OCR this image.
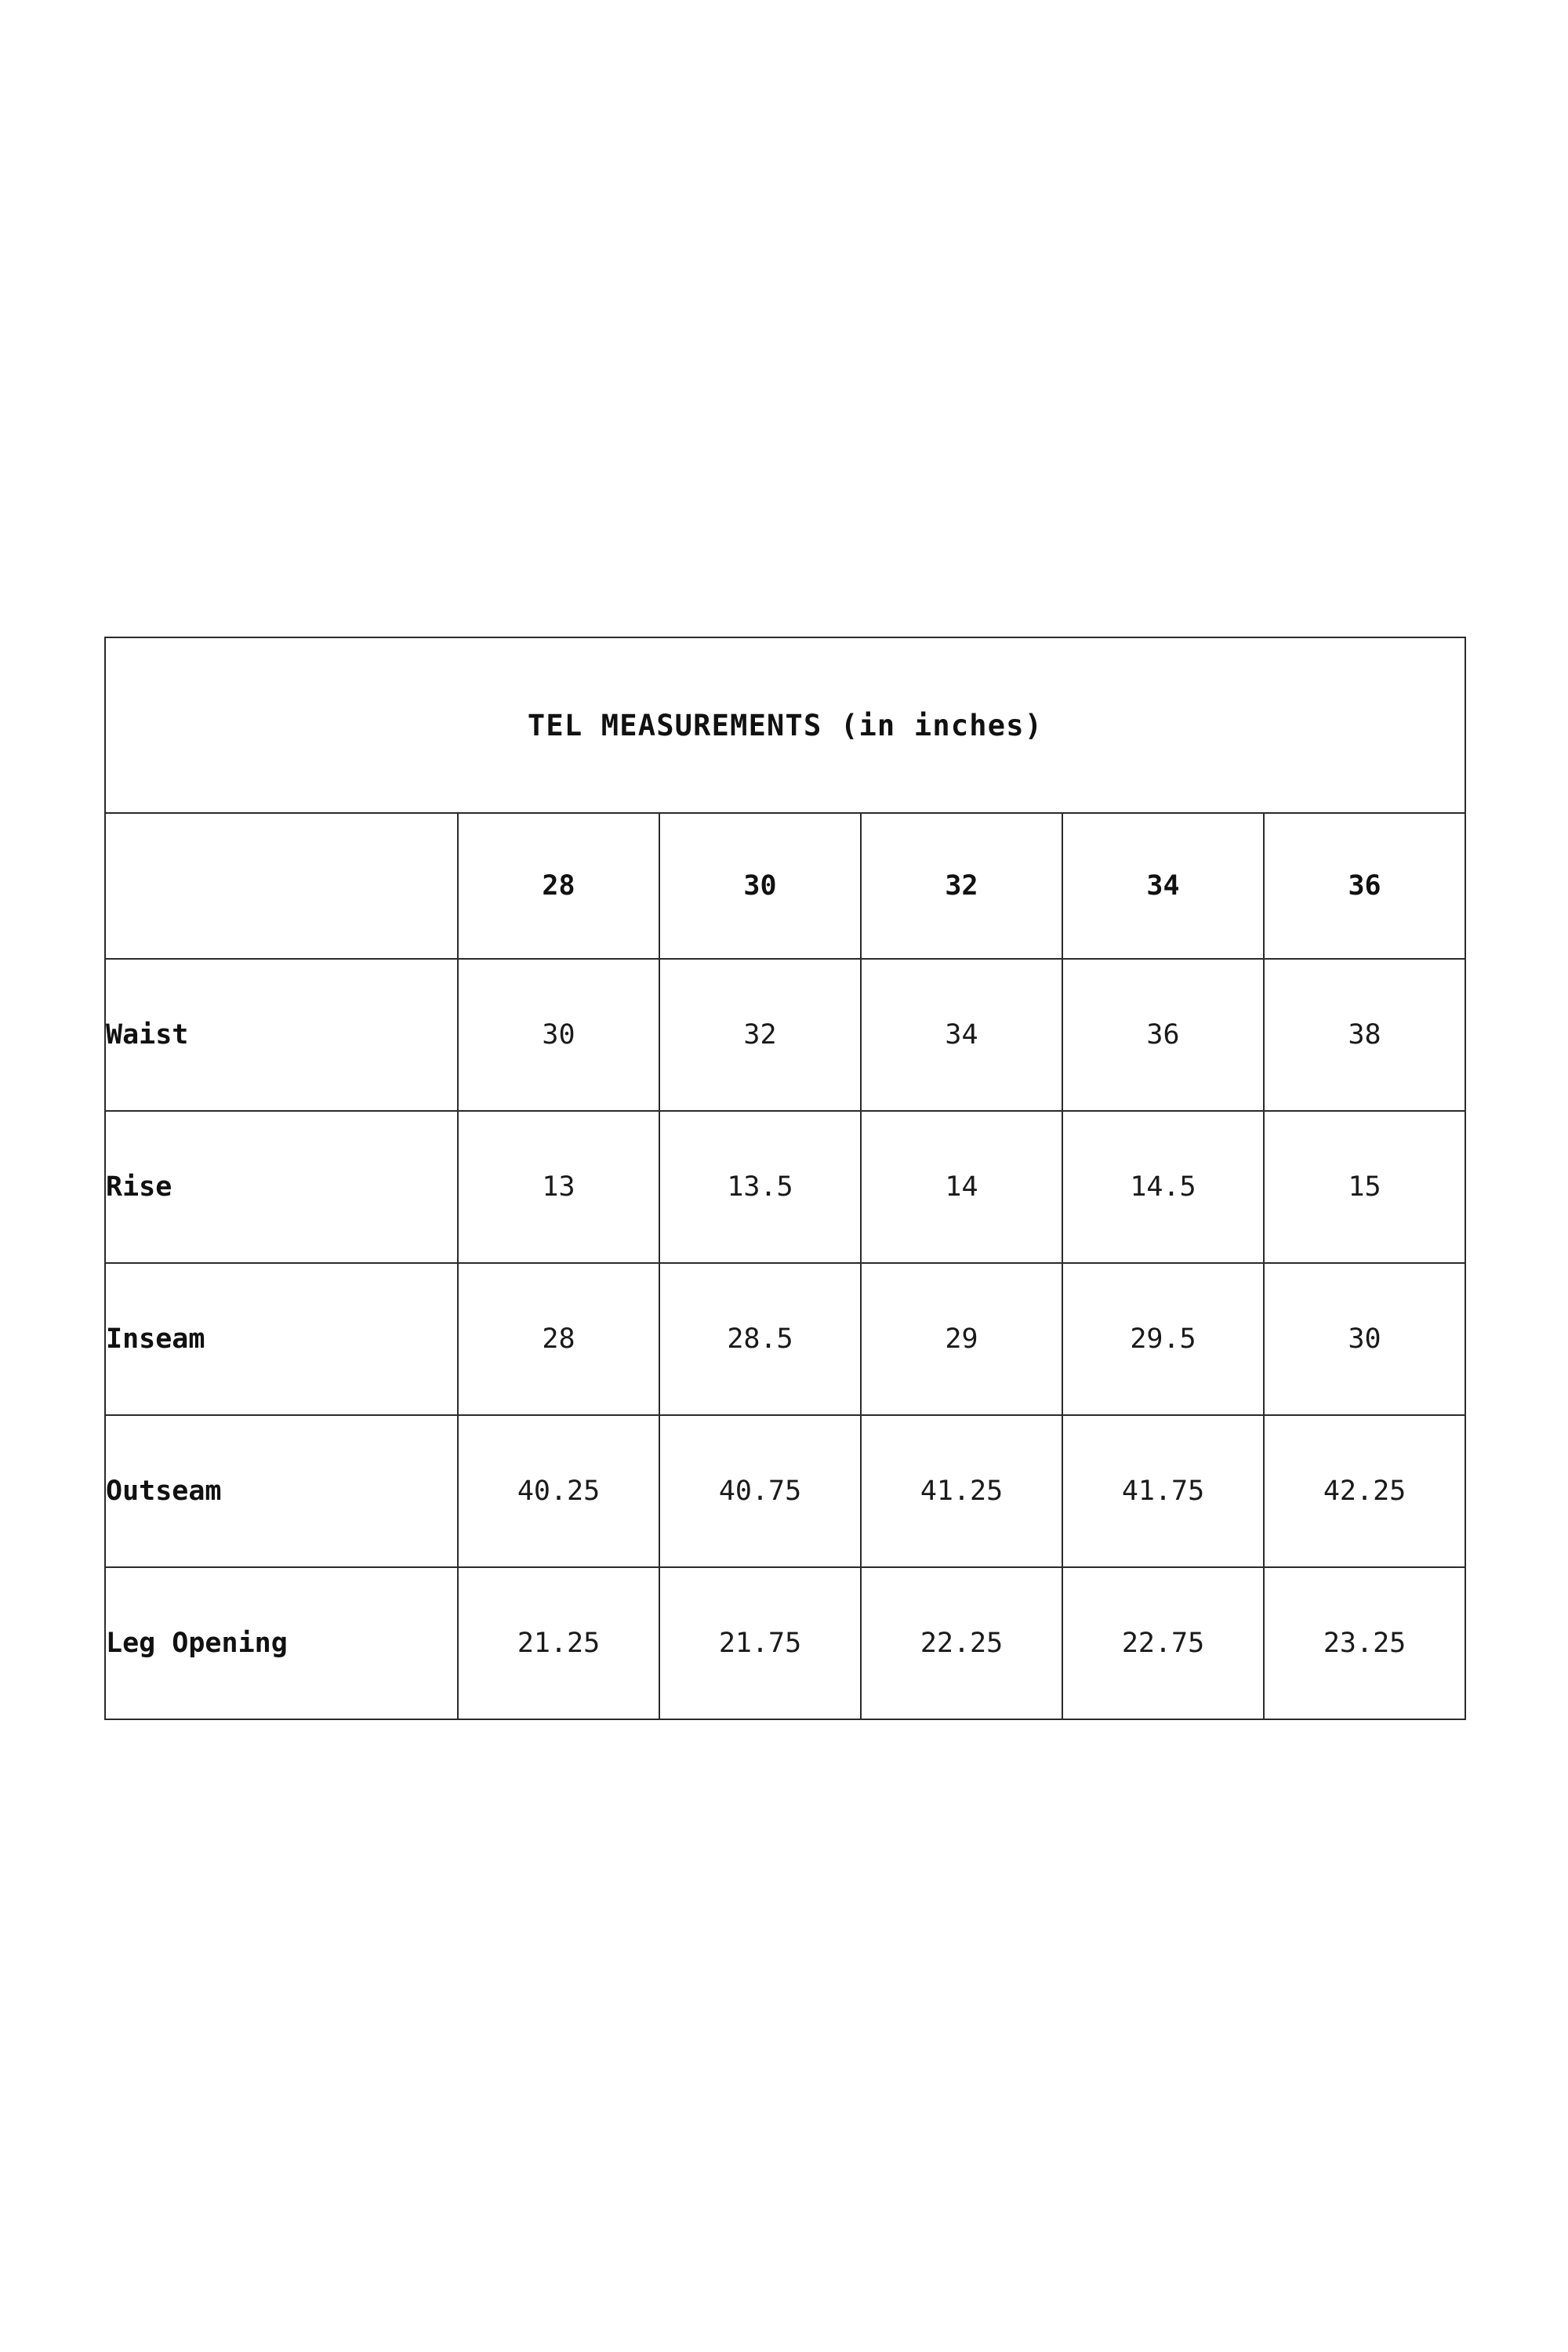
TEL MEASUREMENTS (in inches)					
	28	30	32	34	36
Waist	30	32	34	36	38
Rise	13	13.5	14	14.5	15
Inseam	28	28.5	29	29.5	30
Outseam	40.25	40.75	41.25	41.75	42.25
Leg Opening	21.25	21.75	22.25	22.75	23.25
